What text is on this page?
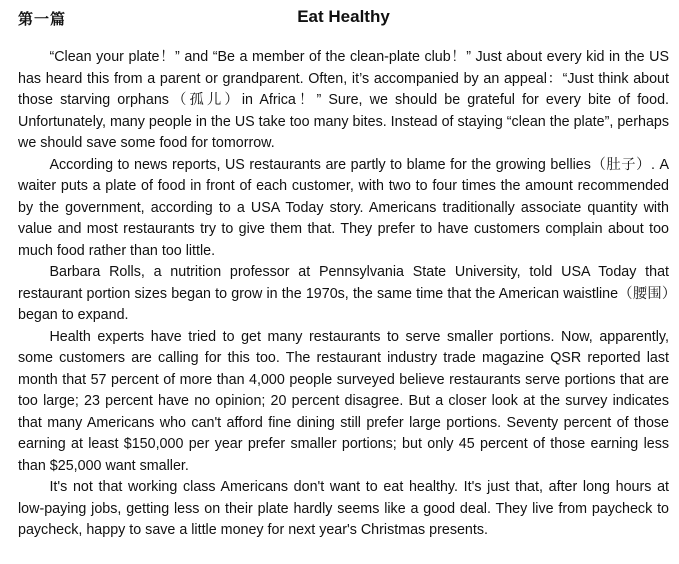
第一篇	Eat Healthy

“Clean your plate！” and “Be a member of the clean-plate club！” Just about every kid in the US has heard this from a parent or grandparent. Often, it’s accompanied by an appeal：“Just think about those starving orphans（孤儿）in Africa！” Sure, we should be grateful for every bite of food. Unfortunately, many people in the US take too many bites. Instead of staying “clean the plate”, perhaps we should save some food for tomorrow.

According to news reports, US restaurants are partly to blame for the growing bellies（肚子）. A waiter puts a plate of food in front of each customer, with two to four times the amount recommended by the government, according to a USA Today story. Americans traditionally associate quantity with value and most restaurants try to give them that. They prefer to have customers complain about too much food rather than too little.

Barbara Rolls, a nutrition professor at Pennsylvania State University, told USA Today that restaurant portion sizes began to grow in the 1970s, the same time that the American waistline（腰围）began to expand.

Health experts have tried to get many restaurants to serve smaller portions. Now, apparently, some customers are calling for this too. The restaurant industry trade magazine QSR reported last month that 57 percent of more than 4,000 people surveyed believe restaurants serve portions that are too large; 23 percent have no opinion; 20 percent disagree. But a closer look at the survey indicates that many Americans who can't afford fine dining still prefer large portions. Seventy percent of those earning at least $150,000 per year prefer smaller portions; but only 45 percent of those earning less than $25,000 want smaller.

It's not that working class Americans don't want to eat healthy. It's just that, after long hours at low-paying jobs, getting less on their plate hardly seems like a good deal. They live from paycheck to paycheck, happy to save a little money for next year's Christmas presents.
